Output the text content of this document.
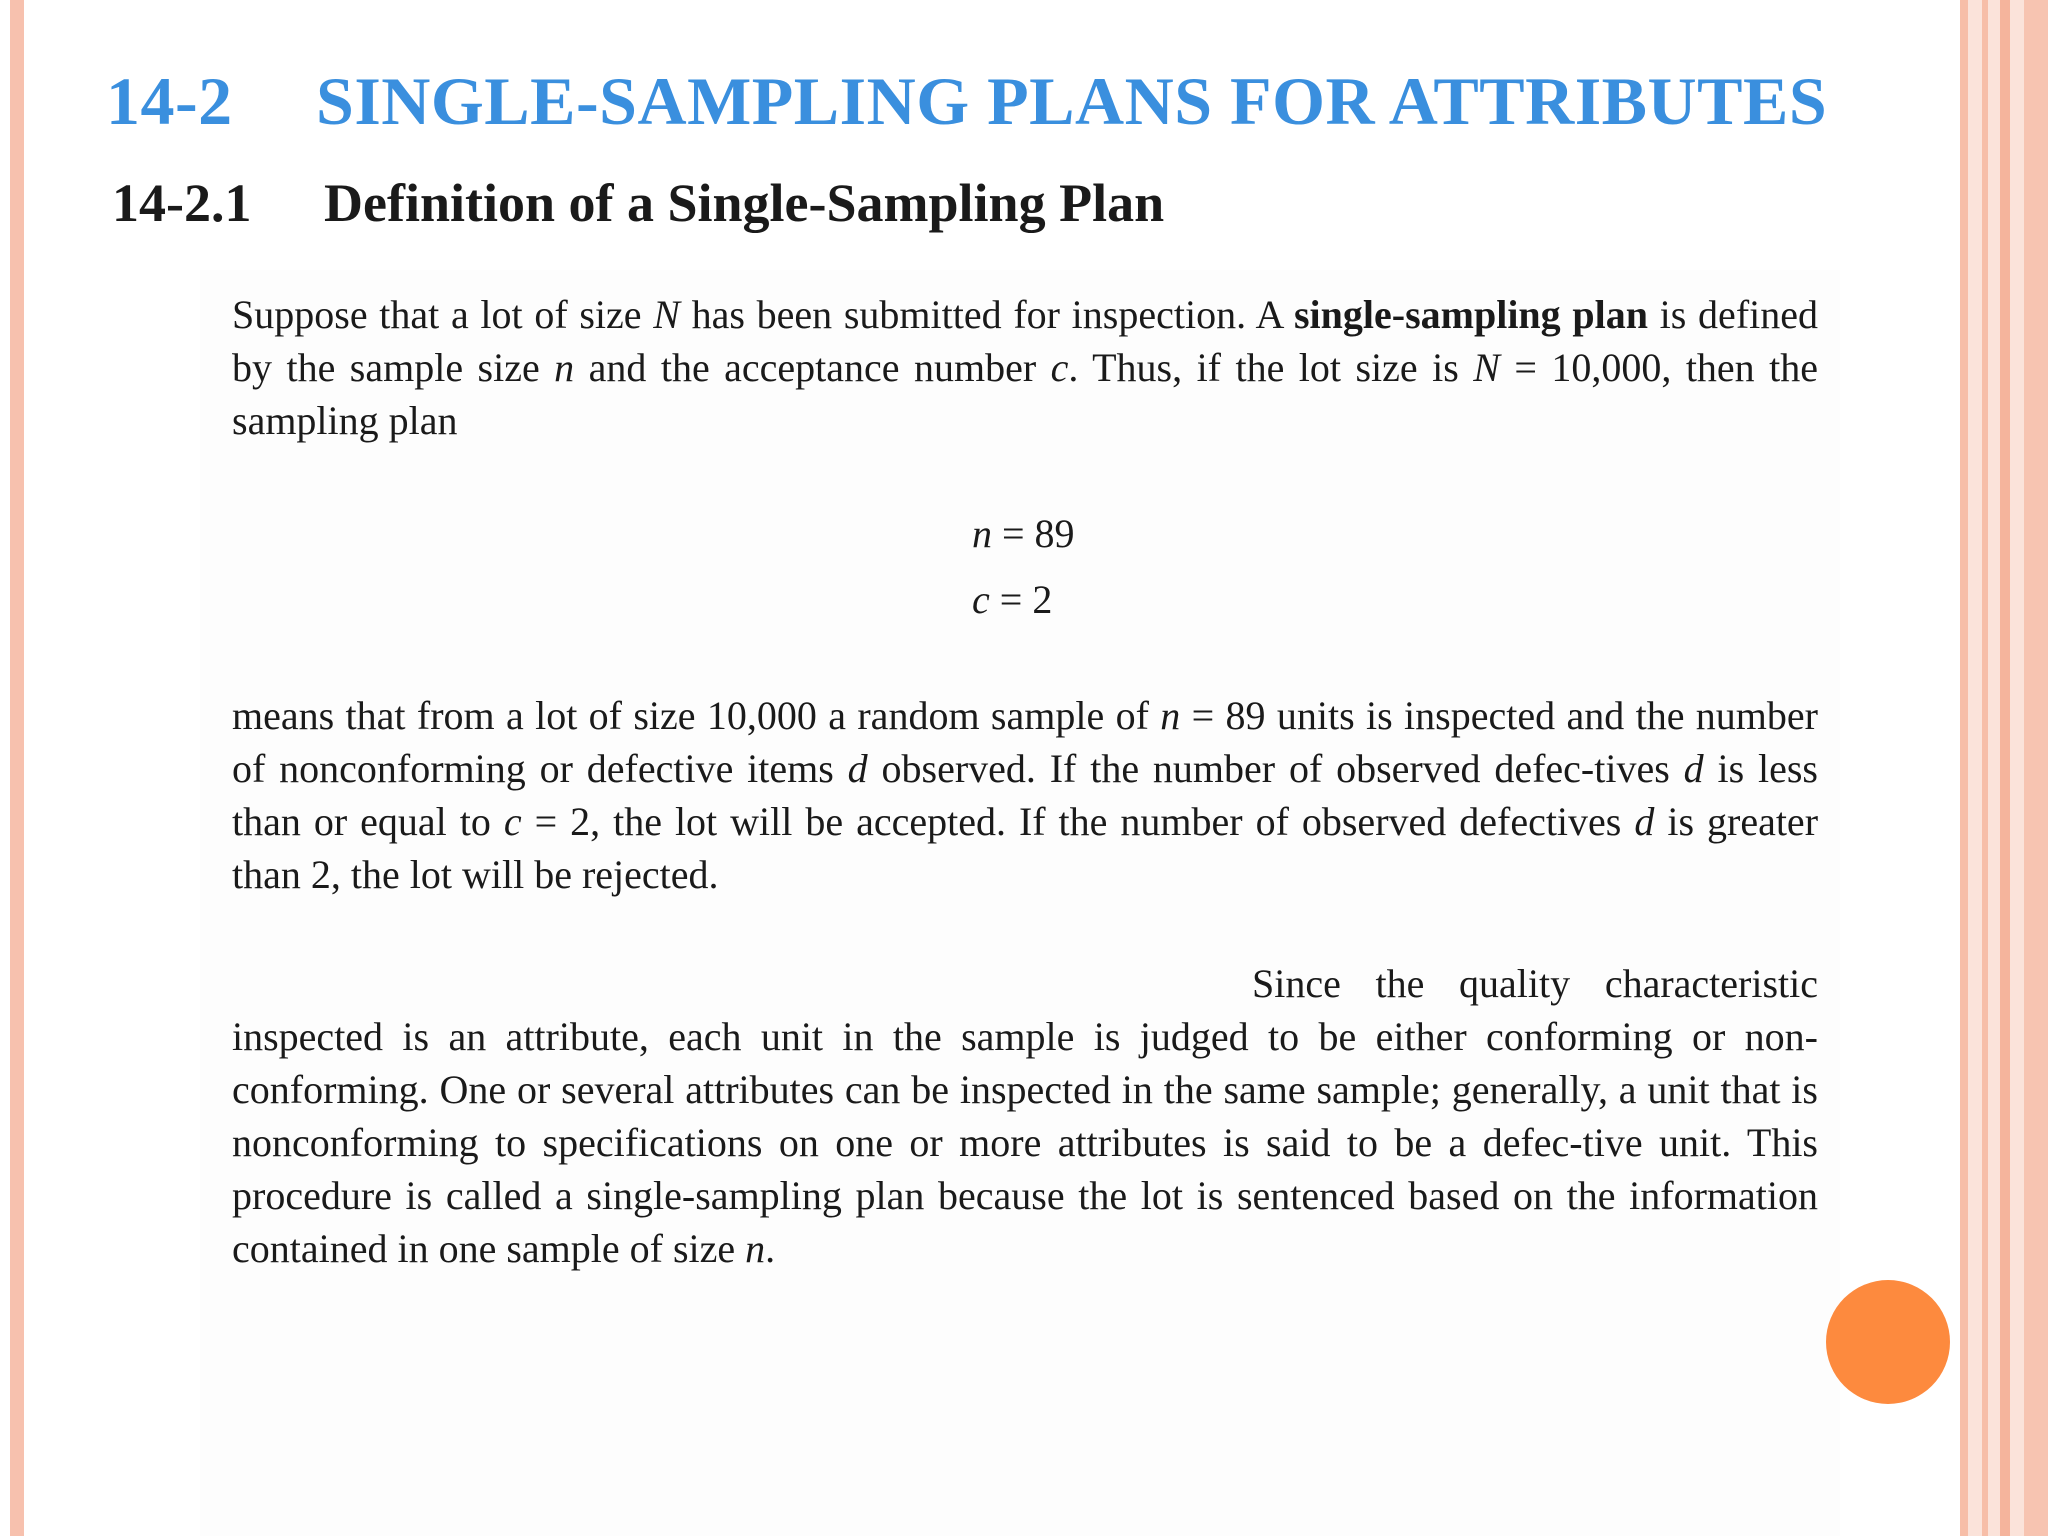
14-2 SINGLE-SAMPLING PLANS FOR ATTRIBUTES
14-2.1 Definition of a Single-Sampling Plan

Suppose that a lot of size N has been submitted for inspection. A single-sampling plan is defined by the sample size n and the acceptance number c. Thus, if the lot size is N = 10,000, then the sampling plan

n = 89

c = 2

means that from a lot of size 10,000 a random sample of n = 89 units is inspected and the number of nonconforming or defective items d observed. If the number of observed defec-tives d is less than or equal to c = 2, the lot will be accepted. If the number of observed defectives d is greater than 2, the lot will be rejected.

Since the quality characteristic inspected is an attribute, each unit in the sample is judged to be either conforming or non-conforming. One or several attributes can be inspected in the same sample; generally, a unit that is nonconforming to specifications on one or more attributes is said to be a defec-tive unit. This procedure is called a single-sampling plan because the lot is sentenced based on the information contained in one sample of size n.
